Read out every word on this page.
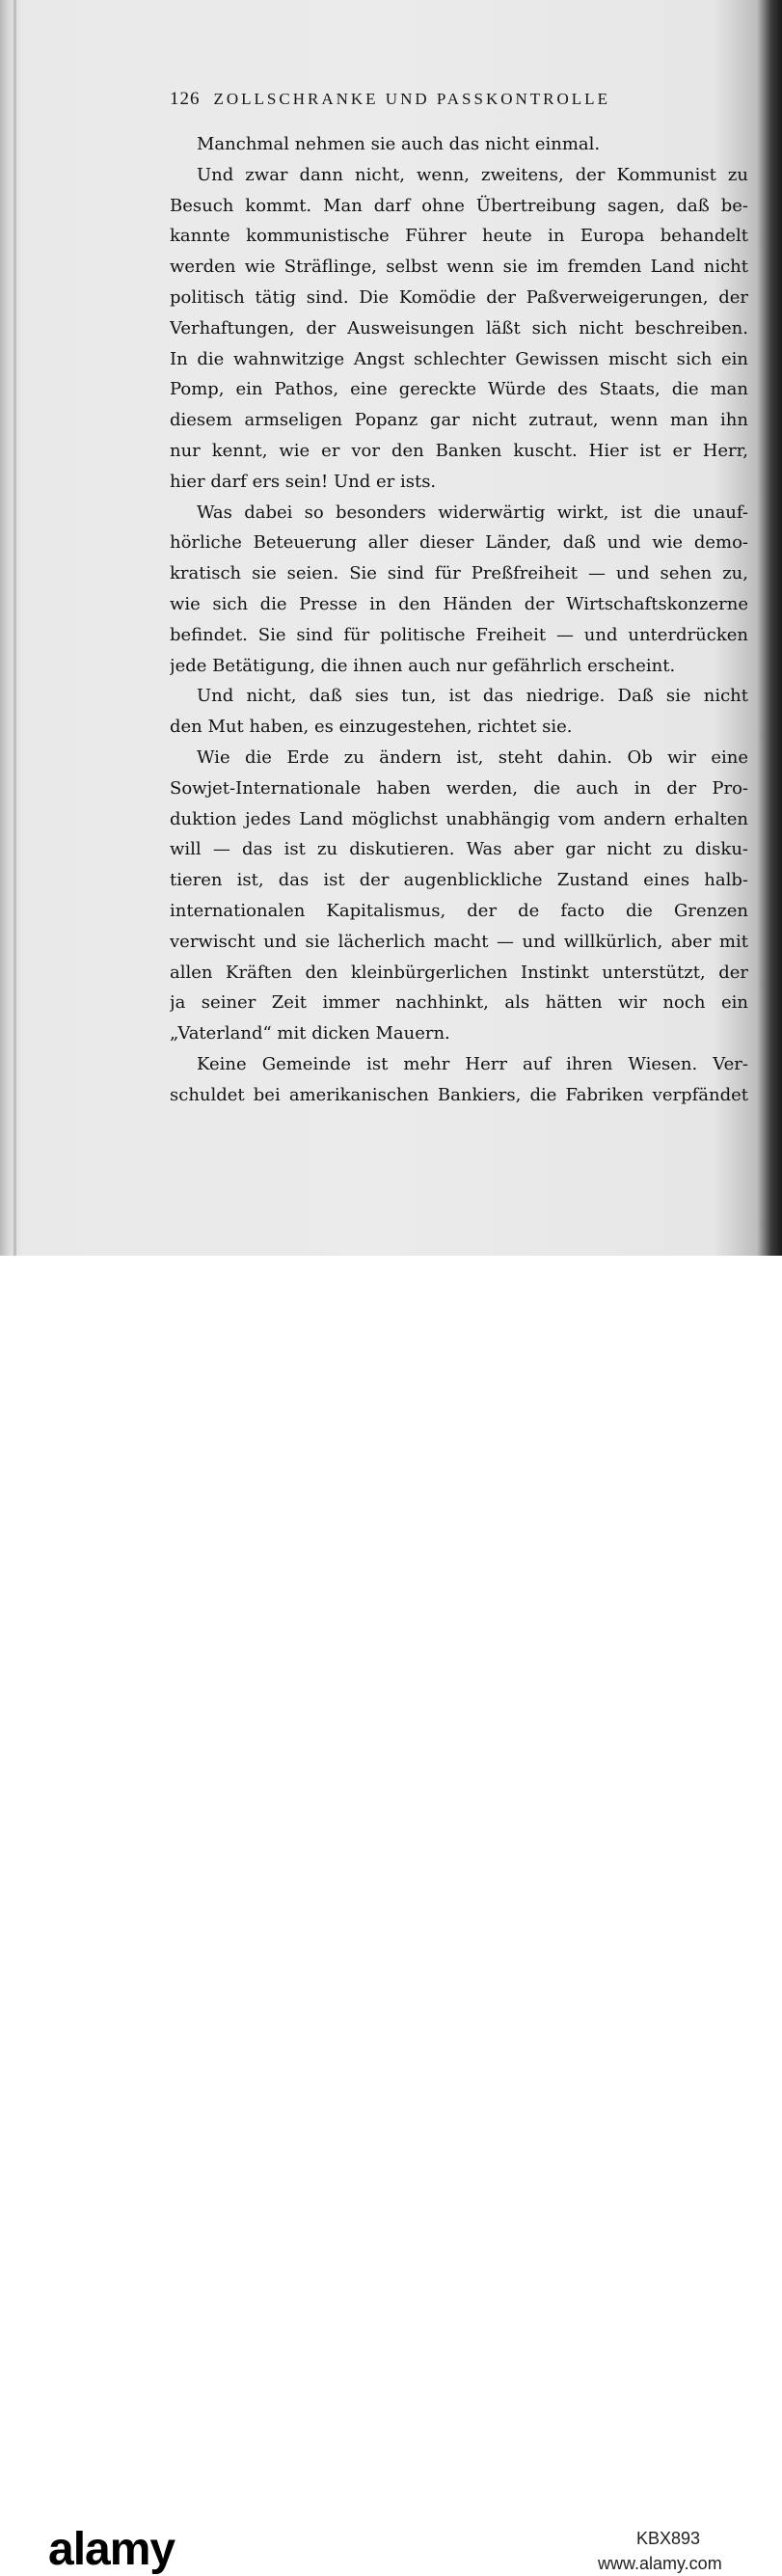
126 ZOLLSCHRANKE UND PASSKONTROLLE
Manchmal nehmen sie auch das nicht einmal.
Und zwar dann nicht, wenn, zweitens, der Kommunist zu
Besuch kommt. Man darf ohne Übertreibung sagen, daß be-
kannte kommunistische Führer heute in Europa behandelt
werden wie Sträflinge, selbst wenn sie im fremden Land nicht
politisch tätig sind. Die Komödie der Paßverweigerungen, der
Verhaftungen, der Ausweisungen läßt sich nicht beschreiben.
In die wahnwitzige Angst schlechter Gewissen mischt sich ein
Pomp, ein Pathos, eine gereckte Würde des Staats, die man
diesem armseligen Popanz gar nicht zutraut, wenn man ihn
nur kennt, wie er vor den Banken kuscht. Hier ist er Herr,
hier darf ers sein! Und er ists.
Was dabei so besonders widerwärtig wirkt, ist die unauf-
hörliche Beteuerung aller dieser Länder, daß und wie demo-
kratisch sie seien. Sie sind für Preßfreiheit — und sehen zu,
wie sich die Presse in den Händen der Wirtschaftskonzerne
befindet. Sie sind für politische Freiheit — und unterdrücken
jede Betätigung, die ihnen auch nur gefährlich erscheint.
Und nicht, daß sies tun, ist das niedrige. Daß sie nicht
den Mut haben, es einzugestehen, richtet sie.
Wie die Erde zu ändern ist, steht dahin. Ob wir eine
Sowjet-Internationale haben werden, die auch in der Pro-
duktion jedes Land möglichst unabhängig vom andern erhalten
will — das ist zu diskutieren. Was aber gar nicht zu disku-
tieren ist, das ist der augenblickliche Zustand eines halb-
internationalen Kapitalismus, der de facto die Grenzen
verwischt und sie lächerlich macht — und willkürlich, aber mit
allen Kräften den kleinbürgerlichen Instinkt unterstützt, der
ja seiner Zeit immer nachhinkt, als hätten wir noch ein
„Vaterland“ mit dicken Mauern.
Keine Gemeinde ist mehr Herr auf ihren Wiesen. Ver-
schuldet bei amerikanischen Bankiers, die Fabriken verpfändet
alamy	KBX893
www.alamy.com
